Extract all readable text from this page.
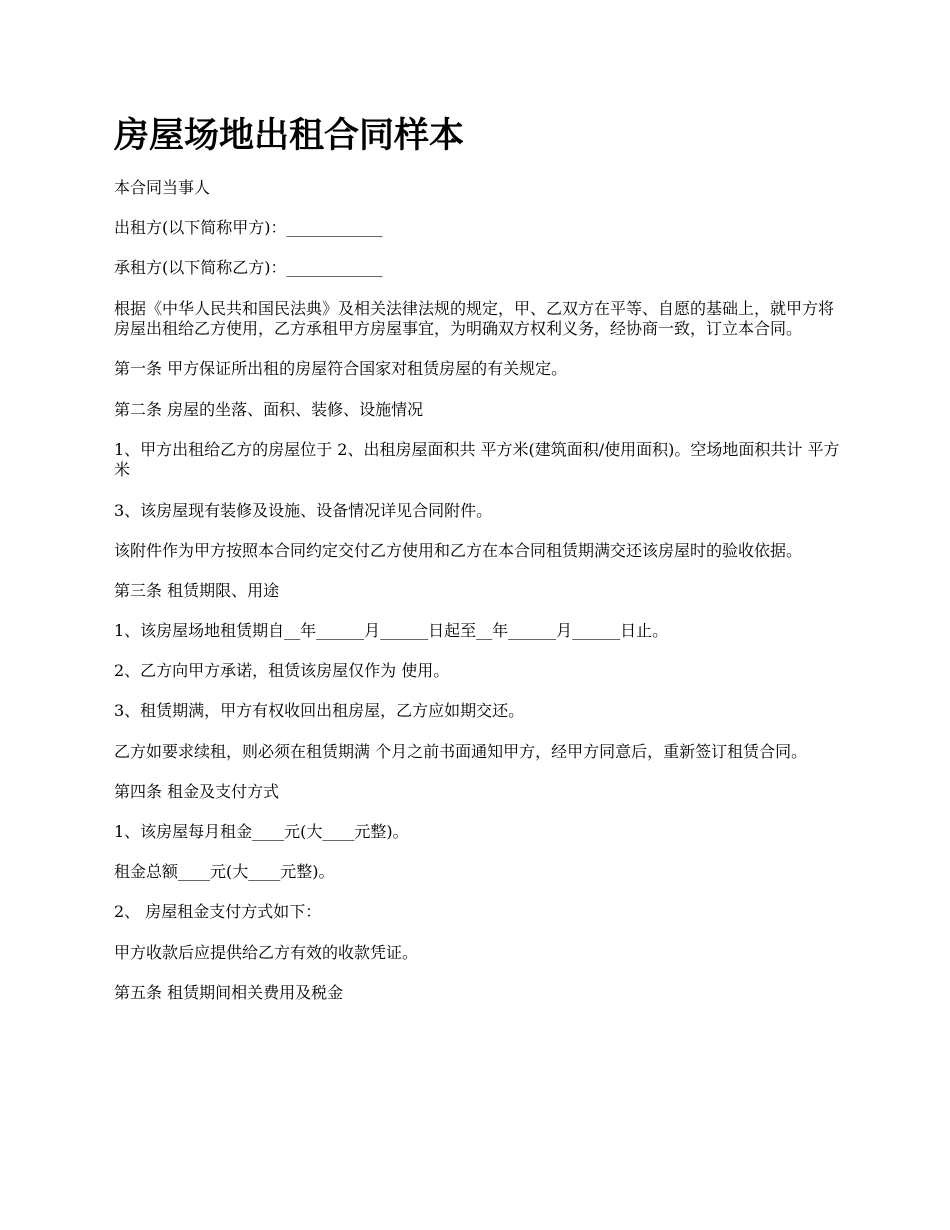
房屋场地出租合同样本

本合同当事人

出租方(以下简称甲方)：____________

承租方(以下简称乙方)：____________

根据《中华人民共和国民法典》及相关法律法规的规定，甲、乙双方在平等、自愿的基础上，就甲方将房屋出租给乙方使用，乙方承租甲方房屋事宜，为明确双方权利义务，经协商一致，订立本合同。

第一条 甲方保证所出租的房屋符合国家对租赁房屋的有关规定。

第二条 房屋的坐落、面积、装修、设施情况

1、甲方出租给乙方的房屋位于 2、出租房屋面积共 平方米(建筑面积/使用面积)。空场地面积共计 平方米

3、该房屋现有装修及设施、设备情况详见合同附件。

该附件作为甲方按照本合同约定交付乙方使用和乙方在本合同租赁期满交还该房屋时的验收依据。

第三条 租赁期限、用途

1、该房屋场地租赁期自__年______月______日起至__年______月______日止。

2、乙方向甲方承诺，租赁该房屋仅作为 使用。

3、租赁期满，甲方有权收回出租房屋，乙方应如期交还。

乙方如要求续租，则必须在租赁期满 个月之前书面通知甲方，经甲方同意后，重新签订租赁合同。

第四条 租金及支付方式

1、该房屋每月租金____元(大____元整)。

租金总额____元(大____元整)。

2、 房屋租金支付方式如下：

甲方收款后应提供给乙方有效的收款凭证。

第五条 租赁期间相关费用及税金
